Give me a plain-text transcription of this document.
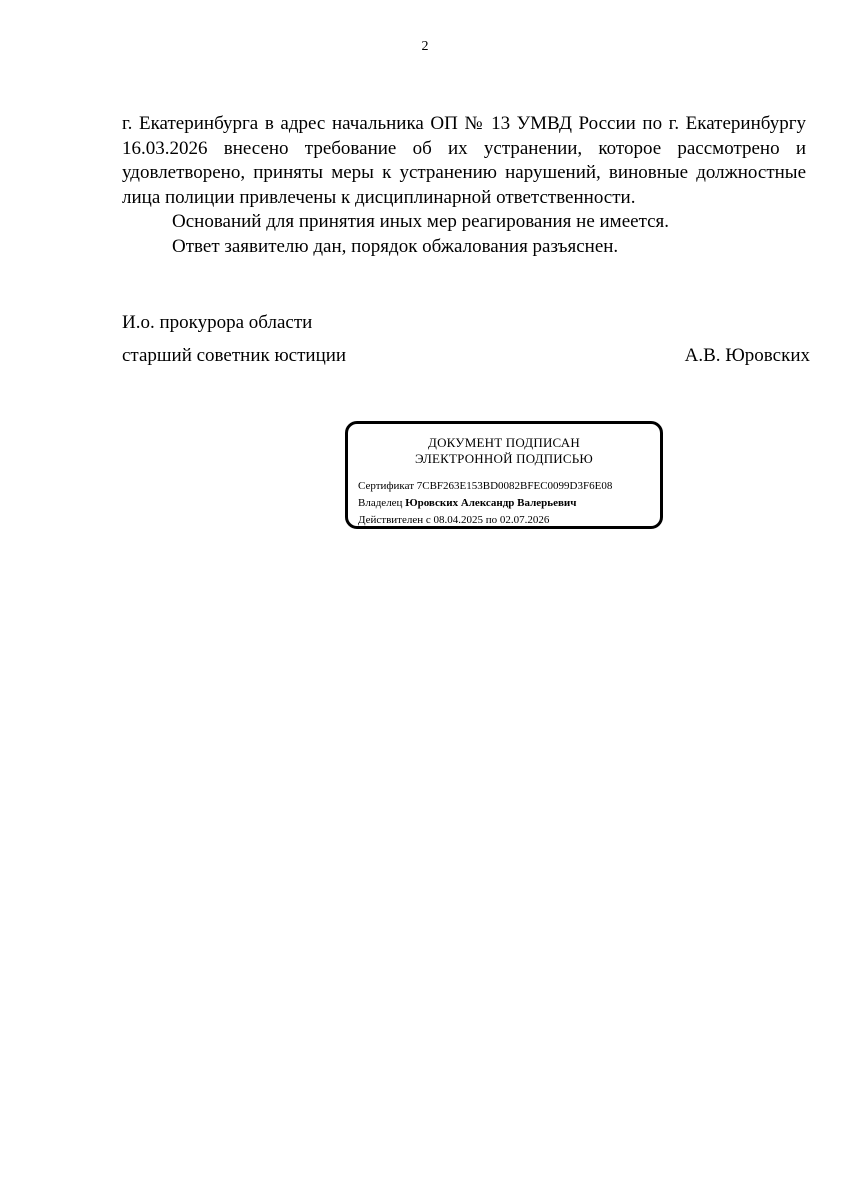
2

г. Екатеринбурга в адрес начальника ОП № 13 УМВД России по г. Екатеринбургу 16.03.2026 внесено требование об их устранении, которое рассмотрено и удовлетворено, приняты меры к устранению нарушений, виновные должностные лица полиции привлечены к дисциплинарной ответственности.

Оснований для принятия иных мер реагирования не имеется.

Ответ заявителю дан, порядок обжалования разъяснен.

И.о. прокурора области
старший советник юстиции	А.В. Юровских
ДОКУМЕНТ ПОДПИСАН
ЭЛЕКТРОННОЙ ПОДПИСЬЮ
Сертификат 7CBF263E153BD0082BFEC0099D3F6E08
Владелец Юровских Александр Валерьевич
Действителен с 08.04.2025 по 02.07.2026
